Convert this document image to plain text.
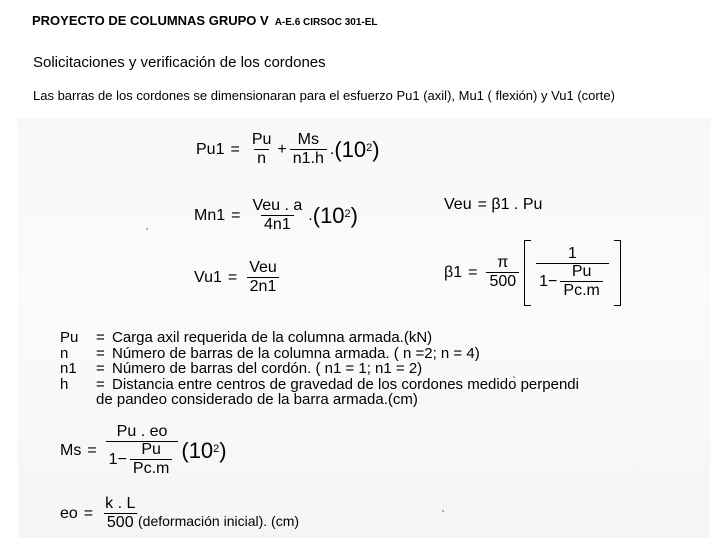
PROYECTO DE COLUMNAS GRUPO V A-E.6 CIRSOC 301-EL
Solicitaciones y verificación de los cordones
Las barras de los cordones se dimensionaran para el esfuerzo Pu1 (axil), Mu1 ( flexión) y Vu1 (corte)
$Pu1 = \frac{Pu}{n} + \frac{Ms}{n1.h}$ . (10 2 )
$Mn1 = \frac{\text{Veu . a}}{4n1}$ . (10 2 )
$Vu1 = \frac{\text{Veu}}{2n1}$
Veu = β1 . Pu
$\beta 1 = \frac{\pi}{500} \frac{1}{1- \frac{Pu}{Pc.m}}$
Pu = Carga axil requerida de la columna armada.(kN)
n = Número de barras de la columna armada. ( n =2; n = 4)
n1 = Número de barras del cordón. ( n1 = 1; n1 = 2)
h = Distancia entre centros de gravedad de los cordones medido perpendi
de pandeo considerado de la barra armada.(cm)
$Ms = \frac{Pu . eo}{1- \frac{Pu}{Pc.m}} (10$ 2 )
eo = $\frac{k . L}{500}$ (deformación inicial). (cm)
